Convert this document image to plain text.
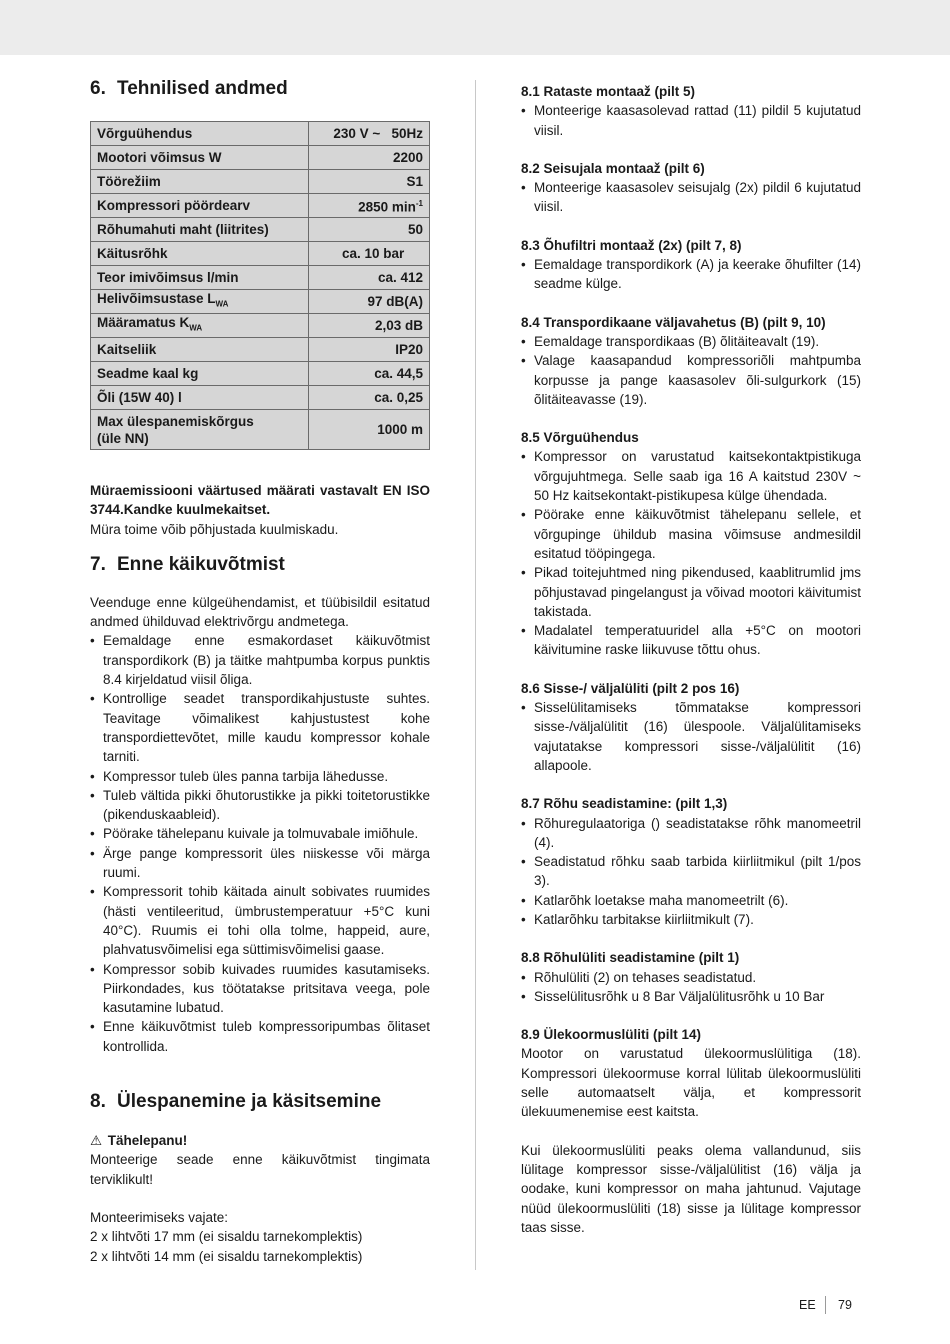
6. Tehnilised andmed
Võrguühendus	230 V ~   50Hz
Mootori võimsus W	2200
Töörežiim	S1
Kompressori pöördearv	2850 $\min^{-1}$
Rõhumahuti maht (liitrites)	50
Käitusrõhk	ca. 10 bar
Teor imivõimsus l/min	ca. 412
Helivõimsustase $L_{WA}$	97 dB(A)
Määramatus $K_{WA}$	2,03 dB
Kaitseliik	IP20
Seadme kaal kg	ca. 44,5
Õli (15W 40) l	ca. 0,25
Max ülespanemiskõrgus
(üle NN)	1000 m

Müraemissiooni väärtused määrati vastavalt EN ISO 3744.Kandke kuulmekaitset.

Müra toime võib põhjustada kuulmiskadu.

7. Enne käikuvõtmist

Veenduge enne külgeühendamist, et tüübisildil esitatud andmed ühilduvad elektrivõrgu andmetega.

• Eemaldage enne esmakordaset käikuvõtmist transpordikork (B) ja täitke mahtpumba korpus punktis 8.4 kirjeldatud viisil õliga.
• Kontrollige seadet transpordikahjustuste suhtes. Teavitage võimalikest kahjustustest kohe transpordiettevõtet, mille kaudu kompressor kohale tarniti.
• Kompressor tuleb üles panna tarbija lähedusse.
• Tuleb vältida pikki õhutorustikke ja pikki toitetorustikke (pikenduskaableid).
• Pöörake tähelepanu kuivale ja tolmuvabale imiõhule.
• Ärge pange kompressorit üles niiskesse või märga ruumi.
• Kompressorit tohib käitada ainult sobivates ruumides (hästi ventileeritud, ümbrustemperatuur +5°C kuni 40°C). Ruumis ei tohi olla tolme, happeid, aure, plahvatusvõimelisi ega süttimisvõimelisi gaase.
• Kompressor sobib kuivades ruumides kasutamiseks. Piirkondades, kus töötatakse pritsitava veega, pole kasutamine lubatud.
• Enne käikuvõtmist tuleb kompressoripumbas õlitaset kontrollida.
8. Ülespanemine ja käsitsemine

⚠ Tähelepanu!

Monteerige seade enne käikuvõtmist tingimata terviklikult!

Monteerimiseks vajate:

2 x lihtvõti 17 mm (ei sisaldu tarnekomplektis)

2 x lihtvõti 14 mm (ei sisaldu tarnekomplektis)

8.1 Rataste montaaž (pilt 5)
• Monteerige kaasasolevad rattad (11) pildil 5 kujutatud viisil.
8.2 Seisujala montaaž (pilt 6)
• Monteerige kaasasolev seisujalg (2x) pildil 6 kujutatud viisil.
8.3 Õhufiltri montaaž (2x) (pilt 7, 8)
• Eemaldage transpordikork (A) ja keerake õhufilter (14) seadme külge.
8.4 Transpordikaane väljavahetus (B) (pilt 9, 10)
• Eemaldage transpordikaas (B) õlitäiteavalt (19).
• Valage kaasapandud kompressoriõli mahtpumba korpusse ja pange kaasasolev õli-sulgurkork (15) õlitäiteavasse (19).
8.5 Võrguühendus
• Kompressor on varustatud kaitsekontaktpistikuga võrgujuhtmega. Selle saab iga 16 A kaitstud 230V ~ 50 Hz kaitsekontakt-pistikupesa külge ühendada.
• Pöörake enne käikuvõtmist tähelepanu sellele, et võrgupinge ühildub masina võimsuse andmesildil esitatud tööpingega.
• Pikad toitejuhtmed ning pikendused, kaablitrumlid jms põhjustavad pingelangust ja võivad mootori käivitumist takistada.
• Madalatel temperatuuridel alla +5°C on mootori käivitumine raske liikuvuse tõttu ohus.
8.6 Sisse-/ väljalüliti (pilt 2 pos 16)
• Sisselülitamiseks tõmmatakse kompressori sisse-/väljalülitit (16) ülespoole. Väljalülitamiseks vajutatakse kompressori sisse-/väljalülitit (16) allapoole.
8.7 Rõhu seadistamine: (pilt 1,3)
• Rõhuregulaatoriga () seadistatakse rõhk manomeetril (4).
• Seadistatud rõhku saab tarbida kiirliitmikul (pilt 1/pos 3).
• Katlarõhk loetakse maha manomeetrilt (6).
• Katlarõhku tarbitakse kiirliitmikult (7).
8.8 Rõhulüliti seadistamine (pilt 1)
• Rõhulüliti (2) on tehases seadistatud.
• Sisselülitusrõhk u 8 Bar Väljalülitusrõhk u 10 Bar
8.9 Ülekoormuslüliti (pilt 14)

Mootor on varustatud ülekoormuslülitiga (18). Kompressori ülekoormuse korral lülitab ülekoormuslüliti selle automaatselt välja, et kompressorit ülekuumenemise eest kaitsta.

Kui ülekoormuslüliti peaks olema vallandunud, siis lülitage kompressor sisse-/väljalülitist (16) välja ja oodake, kuni kompressor on maha jahtunud. Vajutage nüüd ülekoormuslüliti (18) sisse ja lülitage kompressor taas sisse.

EE 79
